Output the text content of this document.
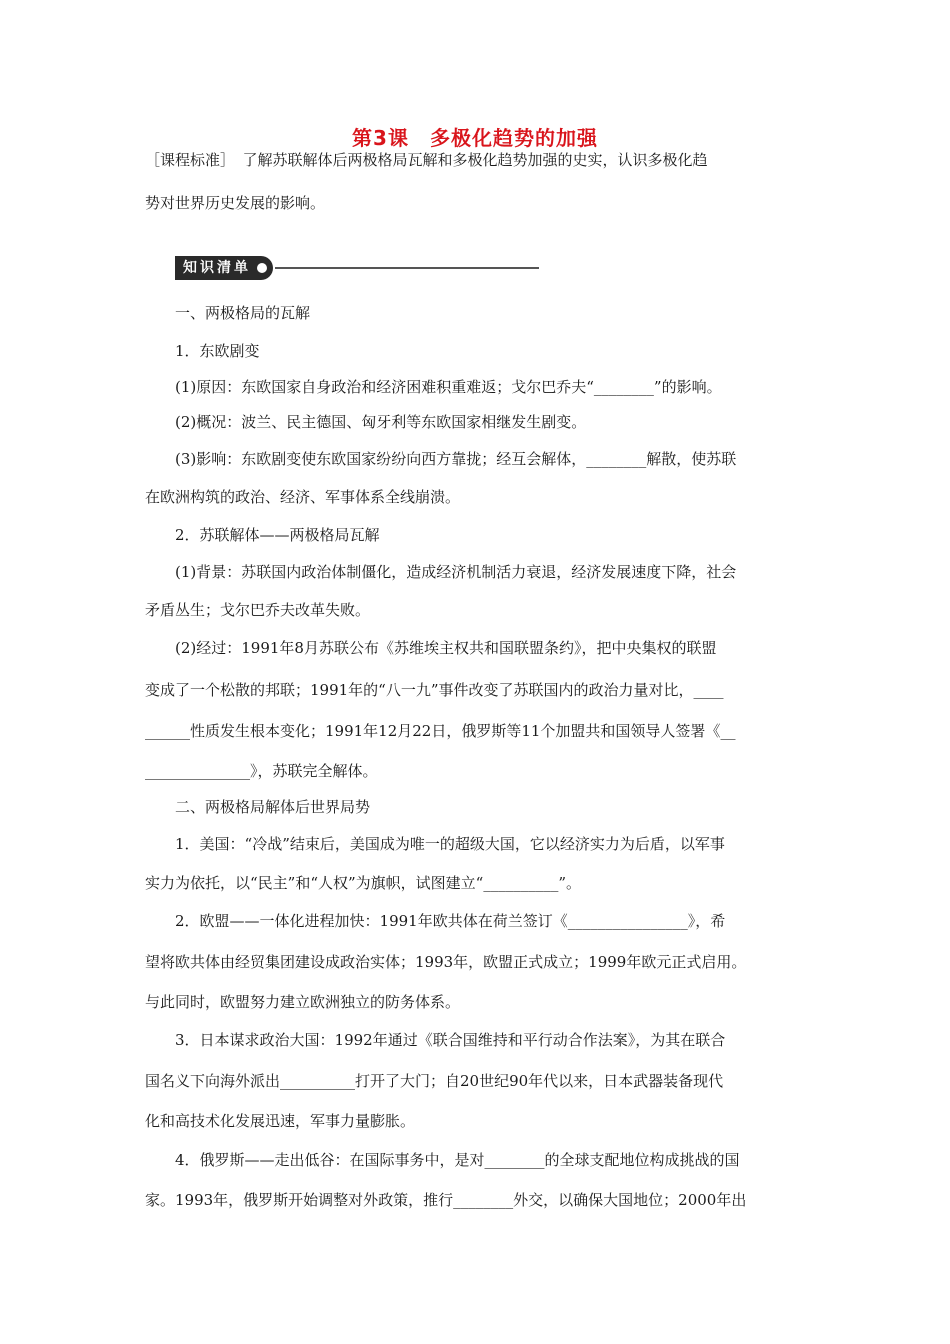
第3课　多极化趋势的加强
［课程标准］　了解苏联解体后两极格局瓦解和多极化趋势加强的史实，认识多极化趋
势对世界历史发展的影响。
知识清单
一、两极格局的瓦解
1．东欧剧变
(1)原因：东欧国家自身政治和经济困难积重难返；戈尔巴乔夫“________”的影响。
(2)概况：波兰、民主德国、匈牙利等东欧国家相继发生剧变。
(3)影响：东欧剧变使东欧国家纷纷向西方靠拢；经互会解体，________解散，使苏联
在欧洲构筑的政治、经济、军事体系全线崩溃。
2．苏联解体——两极格局瓦解
(1)背景：苏联国内政治体制僵化，造成经济机制活力衰退，经济发展速度下降，社会
矛盾丛生；戈尔巴乔夫改革失败。
(2)经过：1991年8月苏联公布《苏维埃主权共和国联盟条约》，把中央集权的联盟
变成了一个松散的邦联；1991年的“八一九”事件改变了苏联国内的政治力量对比，____
______性质发生根本变化；1991年12月22日，俄罗斯等11个加盟共和国领导人签署《__
______________》，苏联完全解体。
二、两极格局解体后世界局势
1．美国：“冷战”结束后，美国成为唯一的超级大国，它以经济实力为后盾，以军事
实力为依托，以“民主”和“人权”为旗帜，试图建立“__________”。
2．欧盟——一体化进程加快：1991年欧共体在荷兰签订《________________》，希
望将欧共体由经贸集团建设成政治实体；1993年，欧盟正式成立；1999年欧元正式启用。
与此同时，欧盟努力建立欧洲独立的防务体系。
3．日本谋求政治大国：1992年通过《联合国维持和平行动合作法案》，为其在联合
国名义下向海外派出__________打开了大门；自20世纪90年代以来，日本武器装备现代
化和高技术化发展迅速，军事力量膨胀。
4．俄罗斯——走出低谷：在国际事务中，是对________的全球支配地位构成挑战的国
家。1993年，俄罗斯开始调整对外政策，推行________外交，以确保大国地位；2000年出
